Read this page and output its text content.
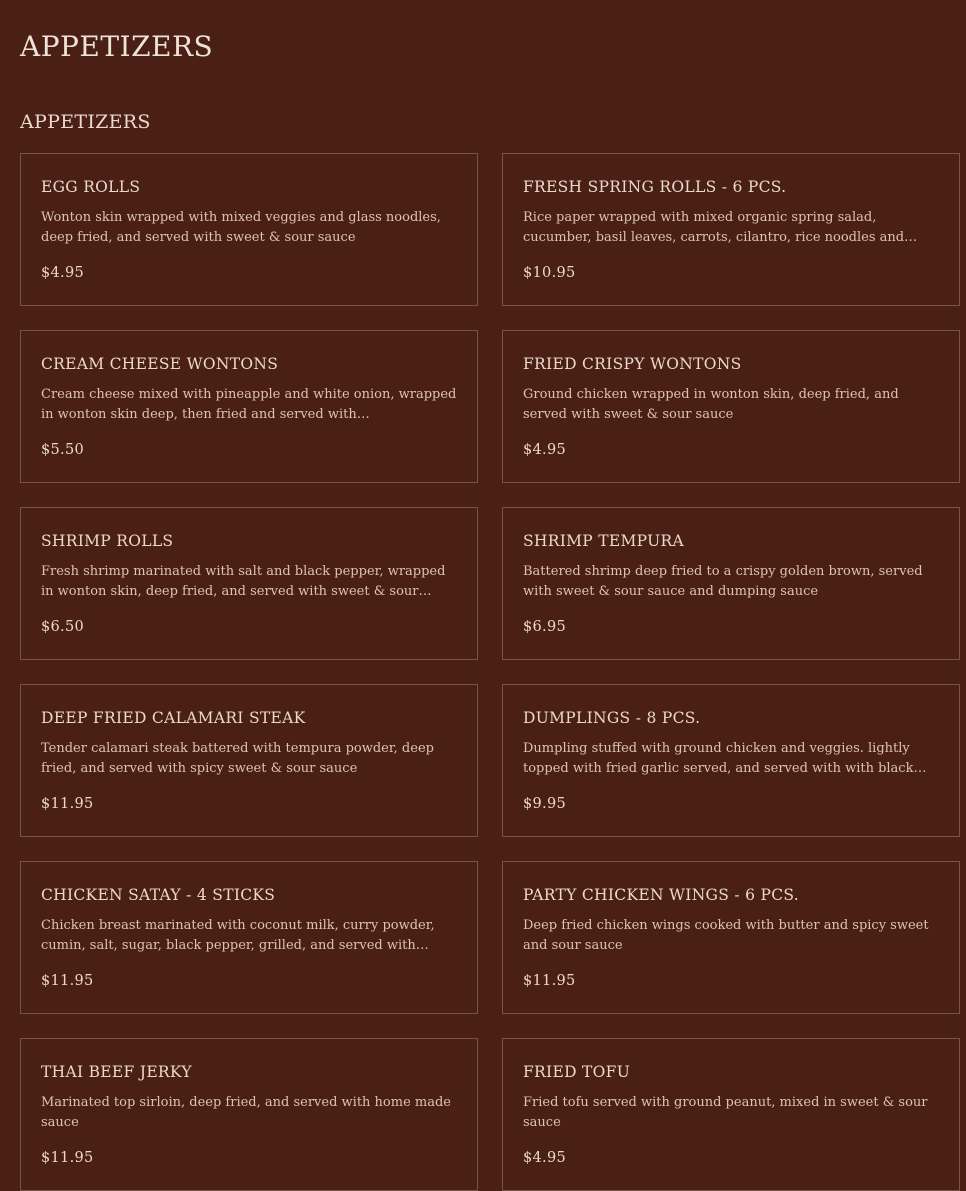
APPETIZERS
APPETIZERS
EGG ROLLS
Wonton skin wrapped with mixed veggies and glass noodles, deep fried, and served with sweet & sour sauce
$4.95
FRESH SPRING ROLLS - 6 PCS.
Rice paper wrapped with mixed organic spring salad, cucumber, basil leaves, carrots, cilantro, rice noodles and…
$10.95
CREAM CHEESE WONTONS
Cream cheese mixed with pineapple and white onion, wrapped in wonton skin deep, then fried and served with…
$5.50
FRIED CRISPY WONTONS
Ground chicken wrapped in wonton skin, deep fried, and served with sweet & sour sauce
$4.95
SHRIMP ROLLS
Fresh shrimp marinated with salt and black pepper, wrapped in wonton skin, deep fried, and served with sweet & sour…
$6.50
SHRIMP TEMPURA
Battered shrimp deep fried to a crispy golden brown, served with sweet & sour sauce and dumping sauce
$6.95
DEEP FRIED CALAMARI STEAK
Tender calamari steak battered with tempura powder, deep fried, and served with spicy sweet & sour sauce
$11.95
DUMPLINGS - 8 PCS.
Dumpling stuffed with ground chicken and veggies. lightly topped with fried garlic served, and served with with black…
$9.95
CHICKEN SATAY - 4 STICKS
Chicken breast marinated with coconut milk, curry powder, cumin, salt, sugar, black pepper, grilled, and served with…
$11.95
PARTY CHICKEN WINGS - 6 PCS.
Deep fried chicken wings cooked with butter and spicy sweet and sour sauce
$11.95
THAI BEEF JERKY
Marinated top sirloin, deep fried, and served with home made sauce
$11.95
FRIED TOFU
Fried tofu served with ground peanut, mixed in sweet & sour sauce
$4.95
